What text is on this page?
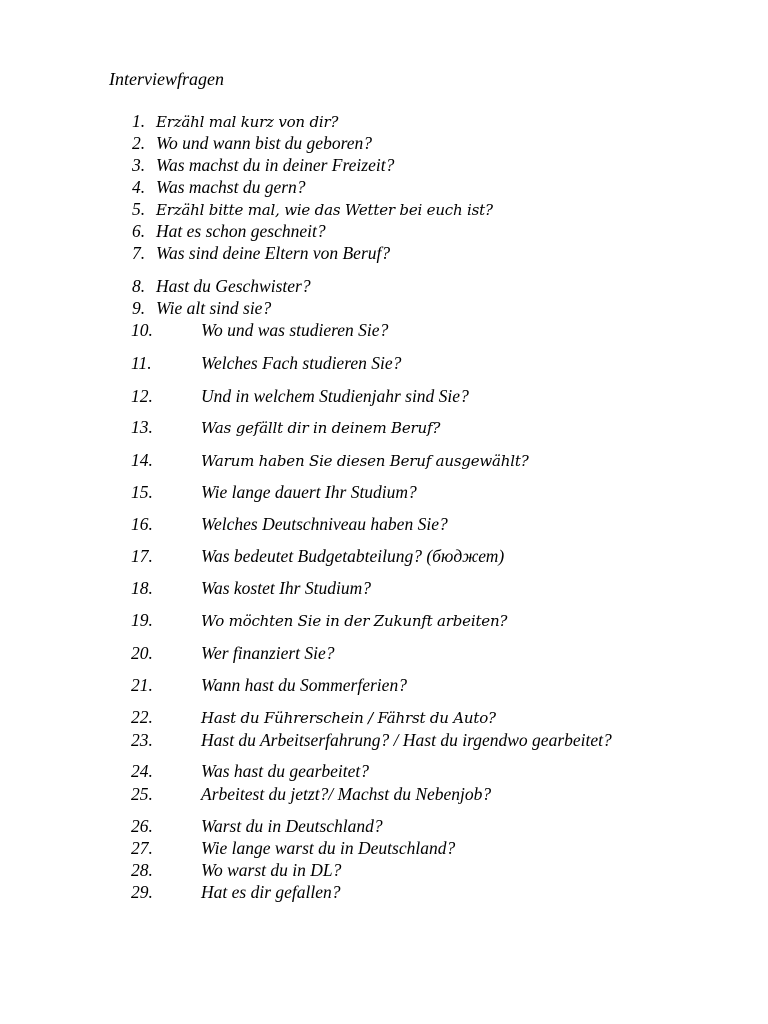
Interviewfragen
1. Erzähl mal kurz von dir?
2. Wo und wann bist du geboren?
3. Was machst du in deiner Freizeit?
4. Was machst du gern?
5. Erzähl bitte mal, wie das Wetter bei euch ist?
6. Hat es schon geschneit?
7. Was sind deine Eltern von Beruf?
8. Hast du Geschwister?
9. Wie alt sind sie?
10.	Wo und was studieren Sie?
11.	Welches Fach studieren Sie?
12.	Und in welchem Studienjahr sind Sie?
13.	Was gefällt dir in deinem Beruf?
14.	Warum haben Sie diesen Beruf ausgewählt?
15.	Wie lange dauert Ihr Studium?
16.	Welches Deutschniveau haben Sie?
17.	Was bedeutet Budgetabteilung? (бюджет)
18.	Was kostet Ihr Studium?
19.	Wo möchten Sie in der Zukunft arbeiten?
20.	Wer finanziert Sie?
21.	Wann hast du Sommerferien?
22.	Hast du Führerschein / Fährst du Auto?
23.	Hast du Arbeitserfahrung? / Hast du irgendwo gearbeitet?
24.	Was hast du gearbeitet?
25.	Arbeitest du jetzt?/ Machst du Nebenjob?
26.	Warst du in Deutschland?
27.	Wie lange warst du in Deutschland?
28.	Wo warst du in DL?
29.	Hat es dir gefallen?
